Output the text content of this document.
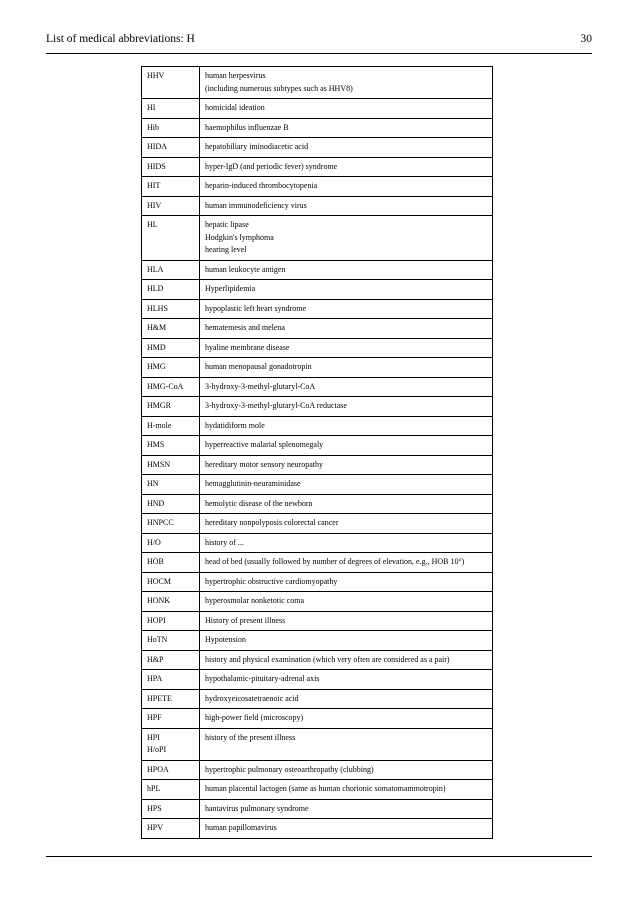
List of medical abbreviations: H	30
HHV	human herpesvirus
(including numerous subtypes such as HHV8)

HI	homicidal ideation

Hib	haemophilus influenzae B

HIDA	hepatobiliary iminodiacetic acid

HIDS	hyper-IgD (and periodic fever) syndrome

HIT	heparin-induced thrombocytopenia

HIV	human immunodeficiency virus

HL	hepatic lipase
Hodgkin's lymphoma
hearing level

HLA	human leukocyte antigen

HLD	Hyperlipidemia

HLHS	hypoplastic left heart syndrome

H&M	hematemesis and melena

HMD	hyaline membrane disease

HMG	human menopausal gonadotropin

HMG-CoA	3-hydroxy-3-methyl-glutaryl-CoA

HMGR	3-hydroxy-3-methyl-glutaryl-CoA reductase

H-mole	hydatidiform mole

HMS	hyperreactive malarial splenomegaly

HMSN	hereditary motor sensory neuropathy

HN	hemagglutinin-neuraminidase

HND	hemolytic disease of the newborn

HNPCC	hereditary nonpolyposis colorectal cancer

H/O	history of ...

HOB	head of bed (usually followed by number of degrees of elevation, e.g., HOB 10°)

HOCM	hypertrophic obstructive cardiomyopathy

HONK	hyperosmolar nonketotic coma

HOPI	History of present illness

HoTN	Hypotension

H&P	history and physical examination (which very often are considered as a pair)

HPA	hypothalamic-pituitary-adrenal axis

HPETE	hydroxyeicosatetraenoic acid

HPF	high-power field (microscopy)

HPI
H/oPI	history of the present illness

HPOA	hypertrophic pulmonary osteoarthropathy (clubbing)

hPL	human placental lactogen (same as human chorionic somatomammotropin)

HPS	hantavirus pulmonary syndrome

HPV	human papillomavirus
